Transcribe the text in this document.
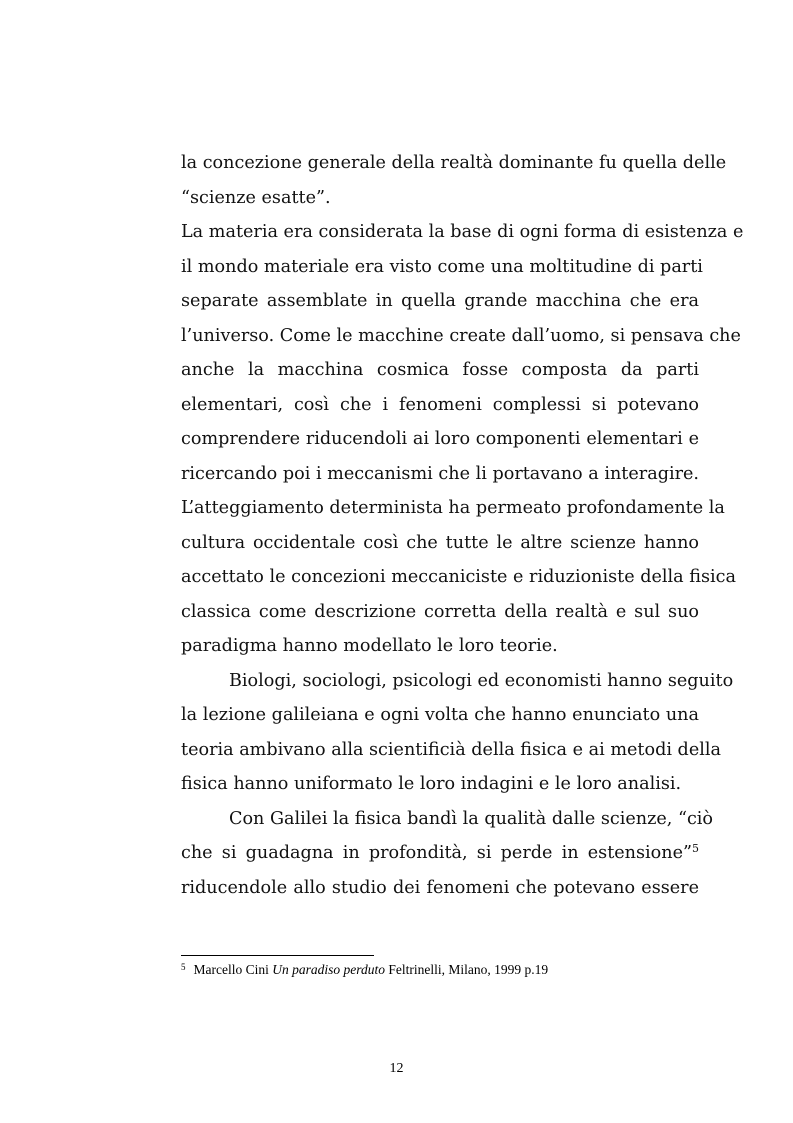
la concezione generale della realtà dominante fu quella delle
“scienze esatte”.
La materia era considerata la base di ogni forma di esistenza e
il mondo materiale era visto come una moltitudine di parti
separate assemblate in quella grande macchina che era
l’universo. Come le macchine create dall’uomo, si pensava che
anche la macchina cosmica fosse composta da parti
elementari, così che i fenomeni complessi si potevano
comprendere riducendoli ai loro componenti elementari e
ricercando poi i meccanismi che li portavano a interagire.
L’atteggiamento determinista ha permeato profondamente la
cultura occidentale così che tutte le altre scienze hanno
accettato le concezioni meccaniciste e riduzioniste della fisica
classica come descrizione corretta della realtà e sul suo
paradigma hanno modellato le loro teorie.
Biologi, sociologi, psicologi ed economisti hanno seguito
la lezione galileiana e ogni volta che hanno enunciato una
teoria ambivano alla scientificià della fisica e ai metodi della
fisica hanno uniformato le loro indagini e le loro analisi.
Con Galilei la fisica bandì la qualità dalle scienze, “ciò
che si guadagna in profondità, si perde in estensione”$^5$
riducendole allo studio dei fenomeni che potevano essere
$^5$ Marcello Cini Un paradiso perduto Feltrinelli, Milano, 1999 p.19
12
